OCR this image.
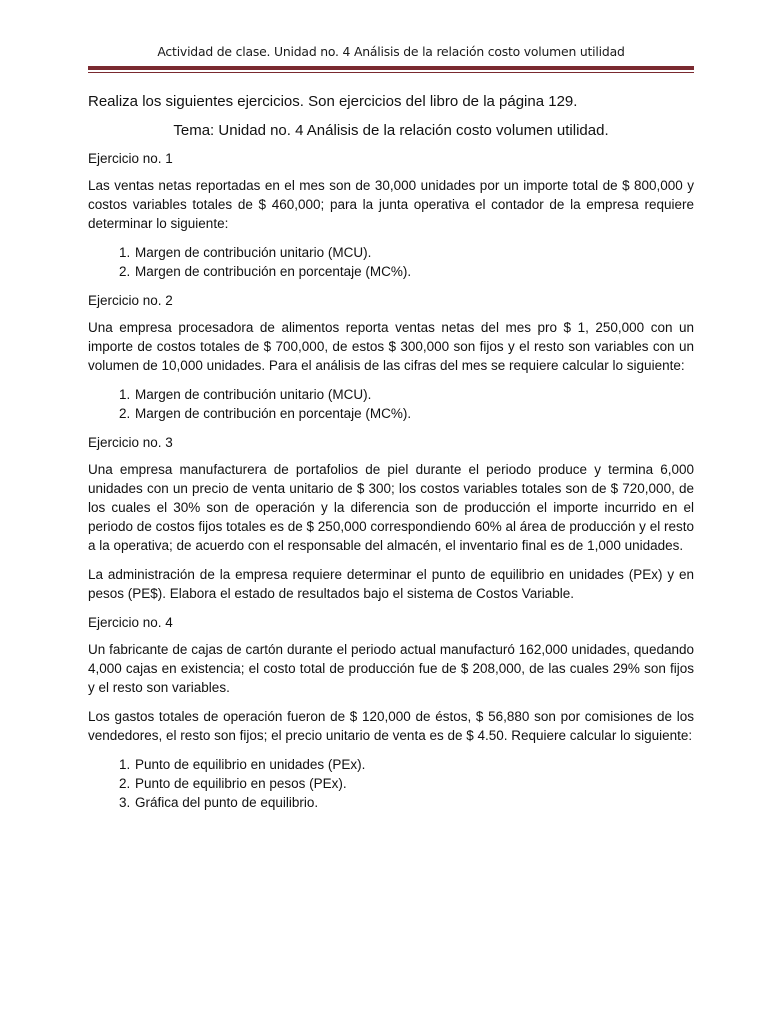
Actividad de clase. Unidad no. 4 Análisis de la relación costo volumen utilidad

Realiza los siguientes ejercicios. Son ejercicios del libro de la página 129.

Tema: Unidad no. 4 Análisis de la relación costo volumen utilidad.

Ejercicio no. 1

Las ventas netas reportadas en el mes son de 30,000 unidades por un importe total de $ 800,000 y costos variables totales de $ 460,000; para la junta operativa el contador de la empresa requiere determinar lo siguiente:

1. Margen de contribución unitario (MCU).
2. Margen de contribución en porcentaje (MC%).

Ejercicio no. 2

Una empresa procesadora de alimentos reporta ventas netas del mes pro $ 1, 250,000 con un importe de costos totales de $ 700,000, de estos $ 300,000 son fijos y el resto son variables con un volumen de 10,000 unidades. Para el análisis de las cifras del mes se requiere calcular lo siguiente:

1. Margen de contribución unitario (MCU).
2. Margen de contribución en porcentaje (MC%).

Ejercicio no. 3

Una empresa manufacturera de portafolios de piel durante el periodo produce y termina 6,000 unidades con un precio de venta unitario de $ 300; los costos variables totales son de $ 720,000, de los cuales el 30% son de operación y la diferencia son de producción el importe incurrido en el periodo de costos fijos totales es de $ 250,000 correspondiendo 60% al área de producción y el resto a la operativa; de acuerdo con el responsable del almacén, el inventario final es de 1,000 unidades.

La administración de la empresa requiere determinar el punto de equilibrio en unidades (PEx) y en pesos (PE$). Elabora el estado de resultados bajo el sistema de Costos Variable.

Ejercicio no. 4

Un fabricante de cajas de cartón durante el periodo actual manufacturó 162,000 unidades, quedando 4,000 cajas en existencia; el costo total de producción fue de $ 208,000, de las cuales 29% son fijos y el resto son variables.

Los gastos totales de operación fueron de $ 120,000 de éstos, $ 56,880 son por comisiones de los vendedores, el resto son fijos; el precio unitario de venta es de $ 4.50. Requiere calcular lo siguiente:

1. Punto de equilibrio en unidades (PEx).
2. Punto de equilibrio en pesos (PEx).
3. Gráfica del punto de equilibrio.
